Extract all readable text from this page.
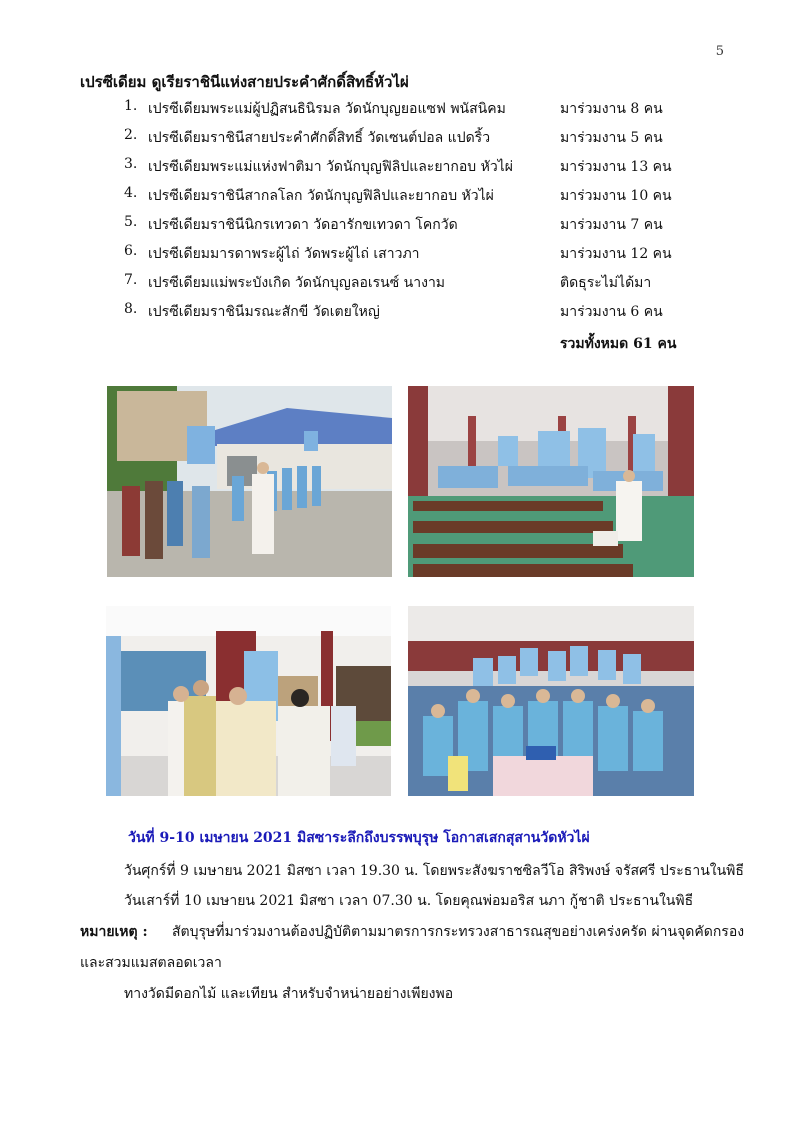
5
เปรซีเดียม ดูเรียราชินีแห่งสายประคำศักดิ์สิทธิ์หัวไผ่
1. เปรซีเดียมพระแม่ผู้ปฏิสนธินิรมล วัดนักบุญยอแซฟ พนัสนิคม	มาร่วมงาน 8 คน
2. เปรซีเดียมราชินีสายประคำศักดิ์สิทธิ์ วัดเซนต์ปอล แปดริ้ว	มาร่วมงาน 5 คน
3. เปรซีเดียมพระแม่แห่งฟาติมา วัดนักบุญฟิลิปและยากอบ หัวไผ่	มาร่วมงาน 13 คน
4. เปรซีเดียมราชินีสากลโลก วัดนักบุญฟิลิปและยากอบ หัวไผ่	มาร่วมงาน 10 คน
5. เปรซีเดียมราชินีนิกรเทวดา วัดอารักขเทวดา โคกวัด	มาร่วมงาน 7 คน
6. เปรซีเดียมมารดาพระผู้ไถ่ วัดพระผู้ไถ่ เสาวภา	มาร่วมงาน 12 คน
7. เปรซีเดียมแม่พระบังเกิด วัดนักบุญลอเรนซ์ นางาม	ติดธุระไม่ได้มา
8. เปรซีเดียมราชินีมรณะสักขี วัดเตยใหญ่	มาร่วมงาน 6 คน
รวมทั้งหมด 61 คน
วันที่ 9-10 เมษายน 2021 มิสซาระลึกถึงบรรพบุรุษ โอกาสเสกสุสานวัดหัวไผ่
วันศุกร์ที่ 9 เมษายน 2021 มิสซา เวลา 19.30 น. โดยพระสังฆราชซิลวีโอ สิริพงษ์ จรัสศรี ประธานในพิธี
วันเสาร์ที่ 10 เมษายน 2021 มิสซา เวลา 07.30 น. โดยคุณพ่อมอริส นภา กู้ชาติ ประธานในพิธี
หมายเหตุ : สัตบุรุษที่มาร่วมงานต้องปฏิบัติตามมาตรการกระทรวงสาธารณสุขอย่างเคร่งครัด ผ่านจุดคัดกรอง
และสวมแมสตลอดเวลา
ทางวัดมีดอกไม้ และเทียน สำหรับจำหน่ายอย่างเพียงพอ
